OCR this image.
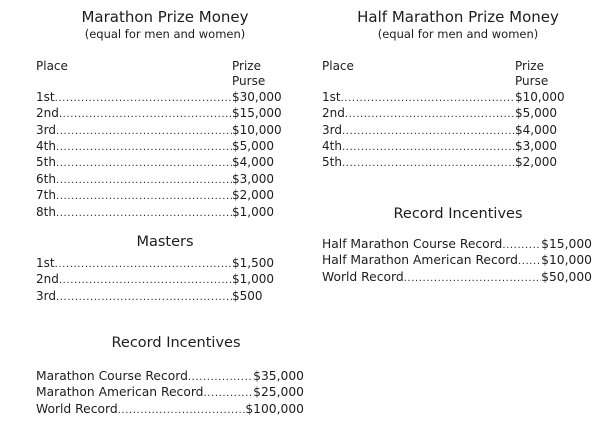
Marathon Prize Money
(equal for men and women)
Place	Prize Purse
1st .....	$30,000
2nd .....	$15,000
3rd .....	$10,000
4th .....	$5,000
5th .....	$4,000
6th .....	$3,000
7th .....	$2,000
8th .....	$1,000
Masters
1st .....	$1,500
2nd .....	$1,000
3rd .....	$500
Record Incentives
Marathon Course Record .....	$35,000
Marathon American Record .....	$25,000
World Record .....	$100,000
Half Marathon Prize Money
(equal for men and women)
Place	Prize Purse
1st .....	$10,000
2nd .....	$5,000
3rd .....	$4,000
4th .....	$3,000
5th .....	$2,000
Record Incentives
Half Marathon Course Record .....	$15,000
Half Marathon American Record ..... $10,000
World Record .....	$50,000
